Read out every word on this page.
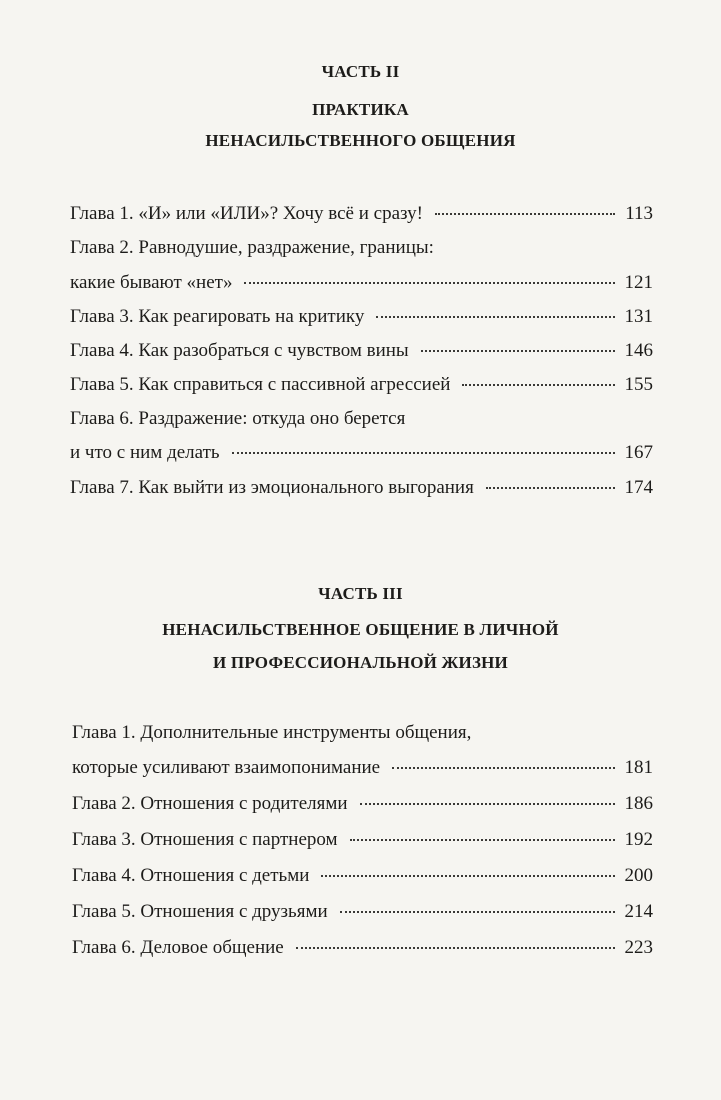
ЧАСТЬ II
ПРАКТИКА
НЕНАСИЛЬСТВЕННОГО ОБЩЕНИЯ
Глава 1. «И» или «ИЛИ»? Хочу всё и сразу!	113
Глава 2. Равнодушие, раздражение, границы:
какие бывают «нет»	121
Глава 3. Как реагировать на критику	131
Глава 4. Как разобраться с чувством вины	146
Глава 5. Как справиться с пассивной агрессией	155
Глава 6. Раздражение: откуда оно берется
и что с ним делать	167
Глава 7. Как выйти из эмоционального выгорания	174
ЧАСТЬ III
НЕНАСИЛЬСТВЕННОЕ ОБЩЕНИЕ В ЛИЧНОЙ
И ПРОФЕССИОНАЛЬНОЙ ЖИЗНИ
Глава 1. Дополнительные инструменты общения,
которые усиливают взаимопонимание	181
Глава 2. Отношения с родителями	186
Глава 3. Отношения с партнером	192
Глава 4. Отношения с детьми	200
Глава 5. Отношения с друзьями	214
Глава 6. Деловое общение	223
